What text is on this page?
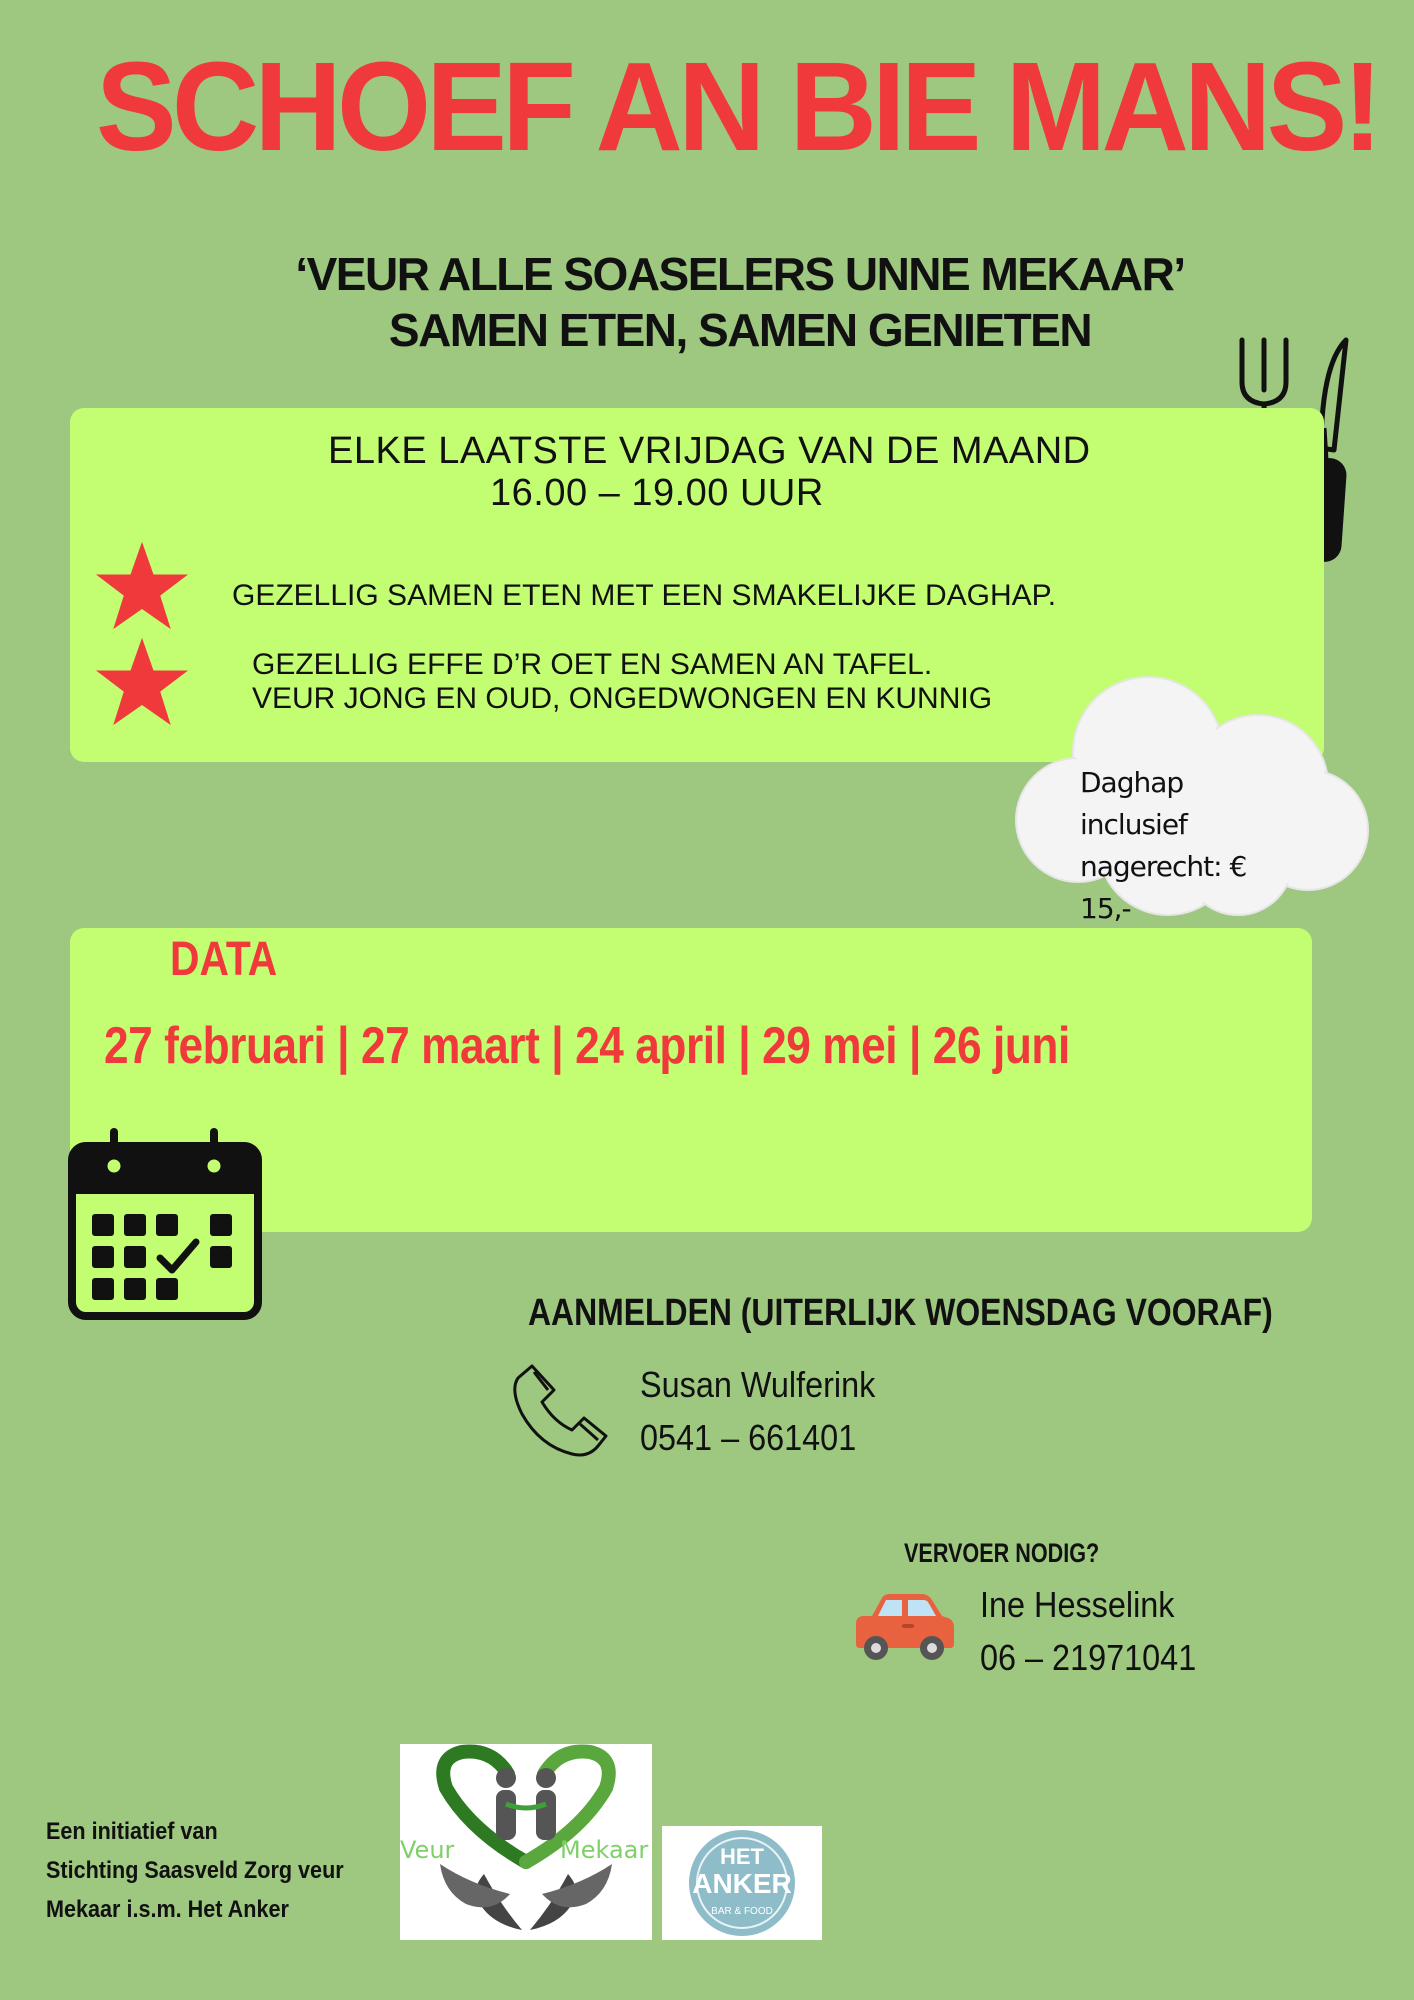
SCHOEF AN BIE MANS!
‘VEUR ALLE SOASELERS UNNE MEKAAR’
SAMEN ETEN, SAMEN GENIETEN
ELKE LAATSTE VRIJDAG VAN DE MAAND
16.00 – 19.00 UUR
GEZELLIG SAMEN ETEN MET EEN SMAKELIJKE DAGHAP.
GEZELLIG EFFE D’R OET EN SAMEN AN TAFEL.
VEUR JONG EN OUD, ONGEDWONGEN EN KUNNIG
Daghap inclusief
nagerecht: € 15,-
DATA
27 februari | 27 maart | 24 april | 29 mei | 26 juni
AANMELDEN (UITERLIJK WOENSDAG VOORAF)
Susan Wulferink
0541 – 661401
VERVOER NODIG?
Ine Hesselink
06 – 21971041
Een initiatief van
Stichting Saasveld Zorg veur
Mekaar i.s.m. Het Anker
Veur	Mekaar	HET
ANKER
BAR & FOOD
